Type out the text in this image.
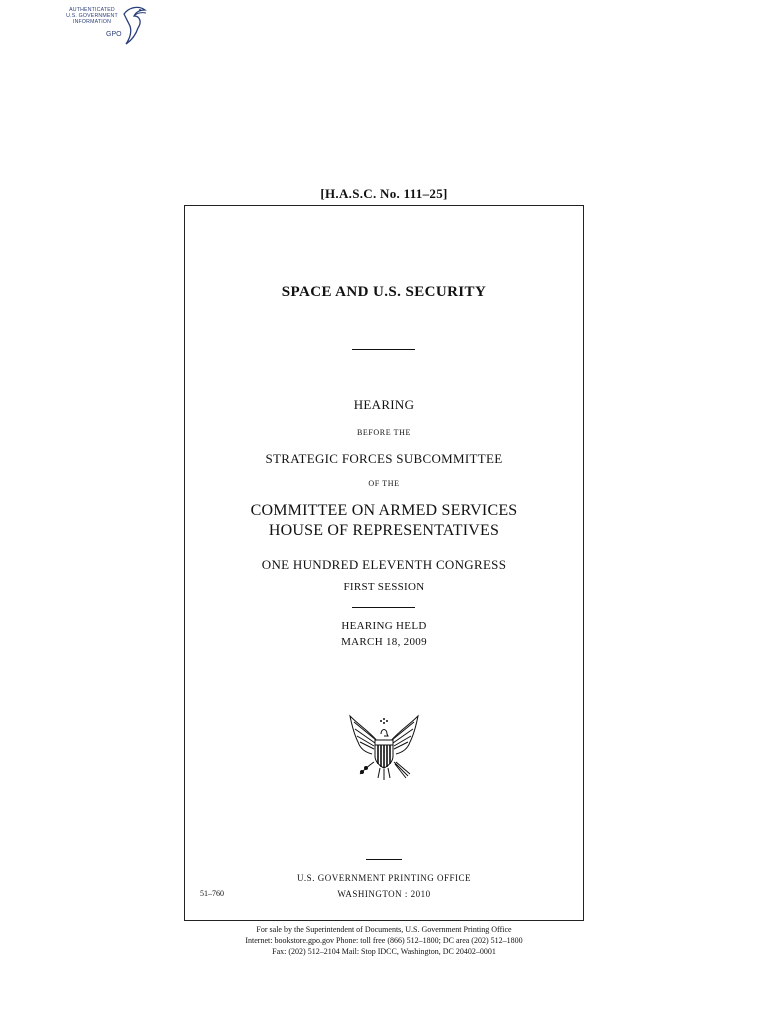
AUTHENTICATED
U.S. GOVERNMENT
INFORMATION
GPO
[H.A.S.C. No. 111–25]
SPACE AND U.S. SECURITY
HEARING
BEFORE THE
STRATEGIC FORCES SUBCOMMITTEE
OF THE
COMMITTEE ON ARMED SERVICES
HOUSE OF REPRESENTATIVES
ONE HUNDRED ELEVENTH CONGRESS
FIRST SESSION
HEARING HELD
MARCH 18, 2009
U.S. GOVERNMENT PRINTING OFFICE
51–760	WASHINGTON : 2010
For sale by the Superintendent of Documents, U.S. Government Printing Office
Internet: bookstore.gpo.gov Phone: toll free (866) 512–1800; DC area (202) 512–1800
Fax: (202) 512–2104 Mail: Stop IDCC, Washington, DC 20402–0001
